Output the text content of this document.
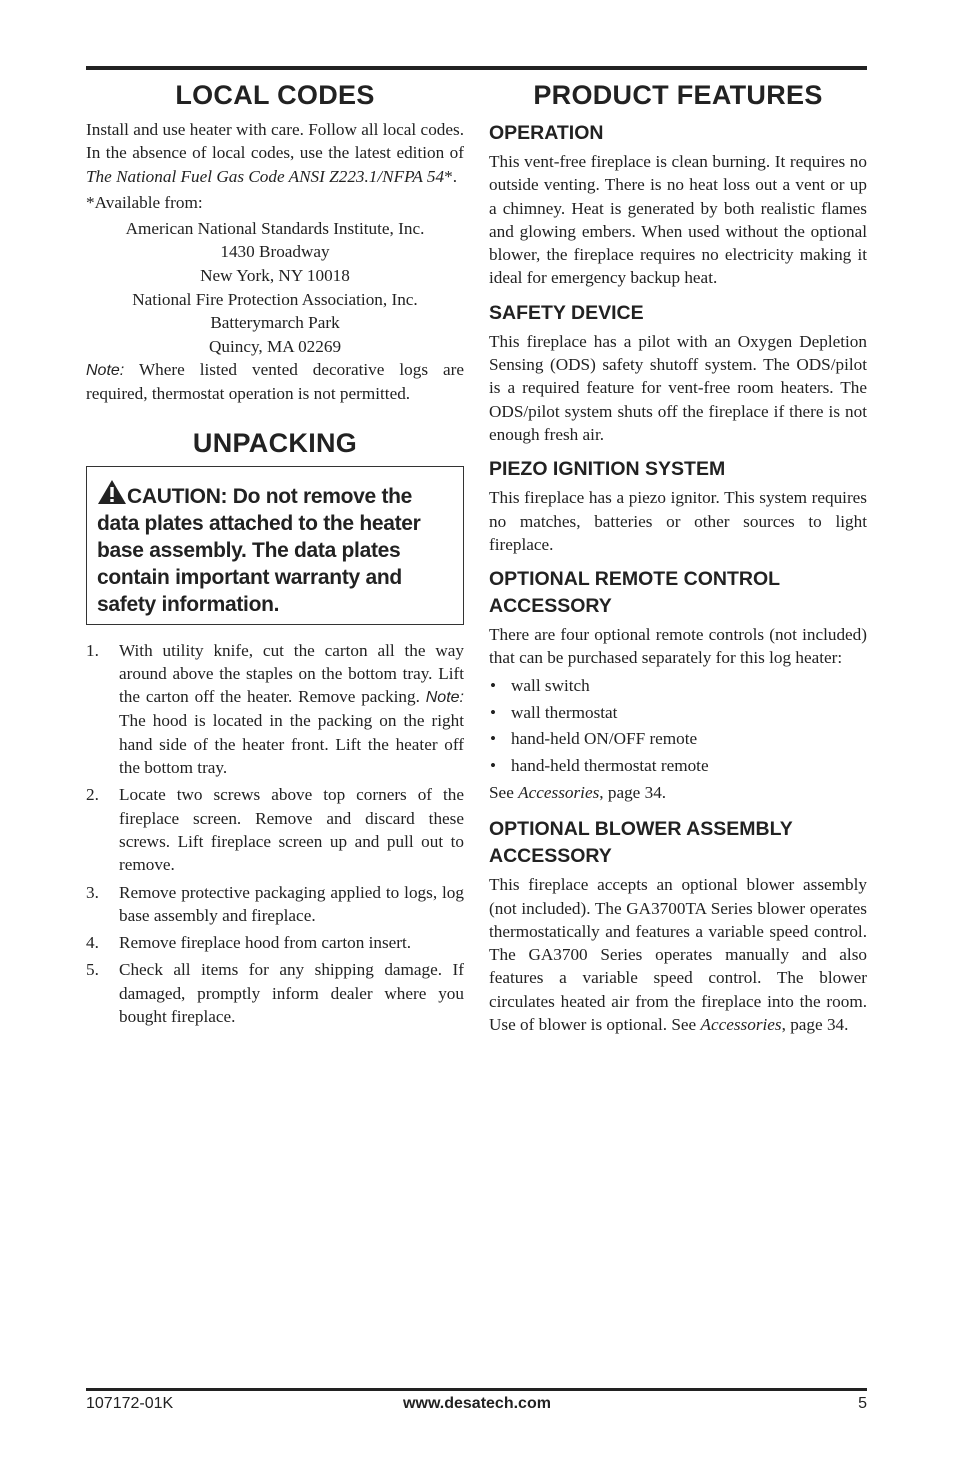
LOCAL CODES

Install and use heater with care. Follow all local codes. In the absence of local codes, use the latest edition of The National Fuel Gas Code ANSI Z223.1/NFPA 54*.

*Available from:

American National Standards Institute, Inc.

1430 Broadway

New York, NY 10018

National Fire Protection Association, Inc.

Batterymarch Park

Quincy, MA 02269

Note: Where listed vented decorative logs are required, thermostat operation is not permitted.

UNPACKING

CAUTION: Do not remove the data plates attached to the heater base assembly. The data plates contain important warranty and safety information.

1. With utility knife, cut the carton all the way around above the staples on the bottom tray. Lift the carton off the heater. Remove packing. Note: The hood is located in the packing on the right hand side of the heater front. Lift the heater off the bottom tray.
2. Locate two screws above top corners of the fireplace screen. Remove and discard these screws. Lift fireplace screen up and pull out to remove.
3. Remove protective packaging applied to logs, log base assembly and fireplace.
4. Remove fireplace hood from carton insert.
5. Check all items for any shipping damage. If damaged, promptly inform dealer where you bought fireplace.
PRODUCT FEATURES
OPERATION

This vent-free fireplace is clean burning. It requires no outside venting. There is no heat loss out a vent or up a chimney. Heat is generated by both realistic flames and glowing embers. When used without the optional blower, the fireplace requires no electricity making it ideal for emergency backup heat.

SAFETY DEVICE

This fireplace has a pilot with an Oxygen Depletion Sensing (ODS) safety shutoff system. The ODS/pilot is a required feature for vent-free room heaters. The ODS/pilot system shuts off the fireplace if there is not enough fresh air.

PIEZO IGNITION SYSTEM

This fireplace has a piezo ignitor. This system requires no matches, batteries or other sources to light fireplace.

OPTIONAL REMOTE CONTROL ACCESSORY

There are four optional remote controls (not included) that can be purchased separately for this log heater:

• wall switch
• wall thermostat
• hand-held ON/OFF remote
• hand-held thermostat remote

See Accessories, page 34.

OPTIONAL BLOWER ASSEMBLY ACCESSORY

This fireplace accepts an optional blower assembly (not included). The GA3700TA Series blower operates thermostatically and features a variable speed control. The GA3700 Series operates manually and also features a variable speed control. The blower circulates heated air from the fireplace into the room. Use of blower is optional. See Accessories, page 34.

107172-01K	www.desatech.com	5
